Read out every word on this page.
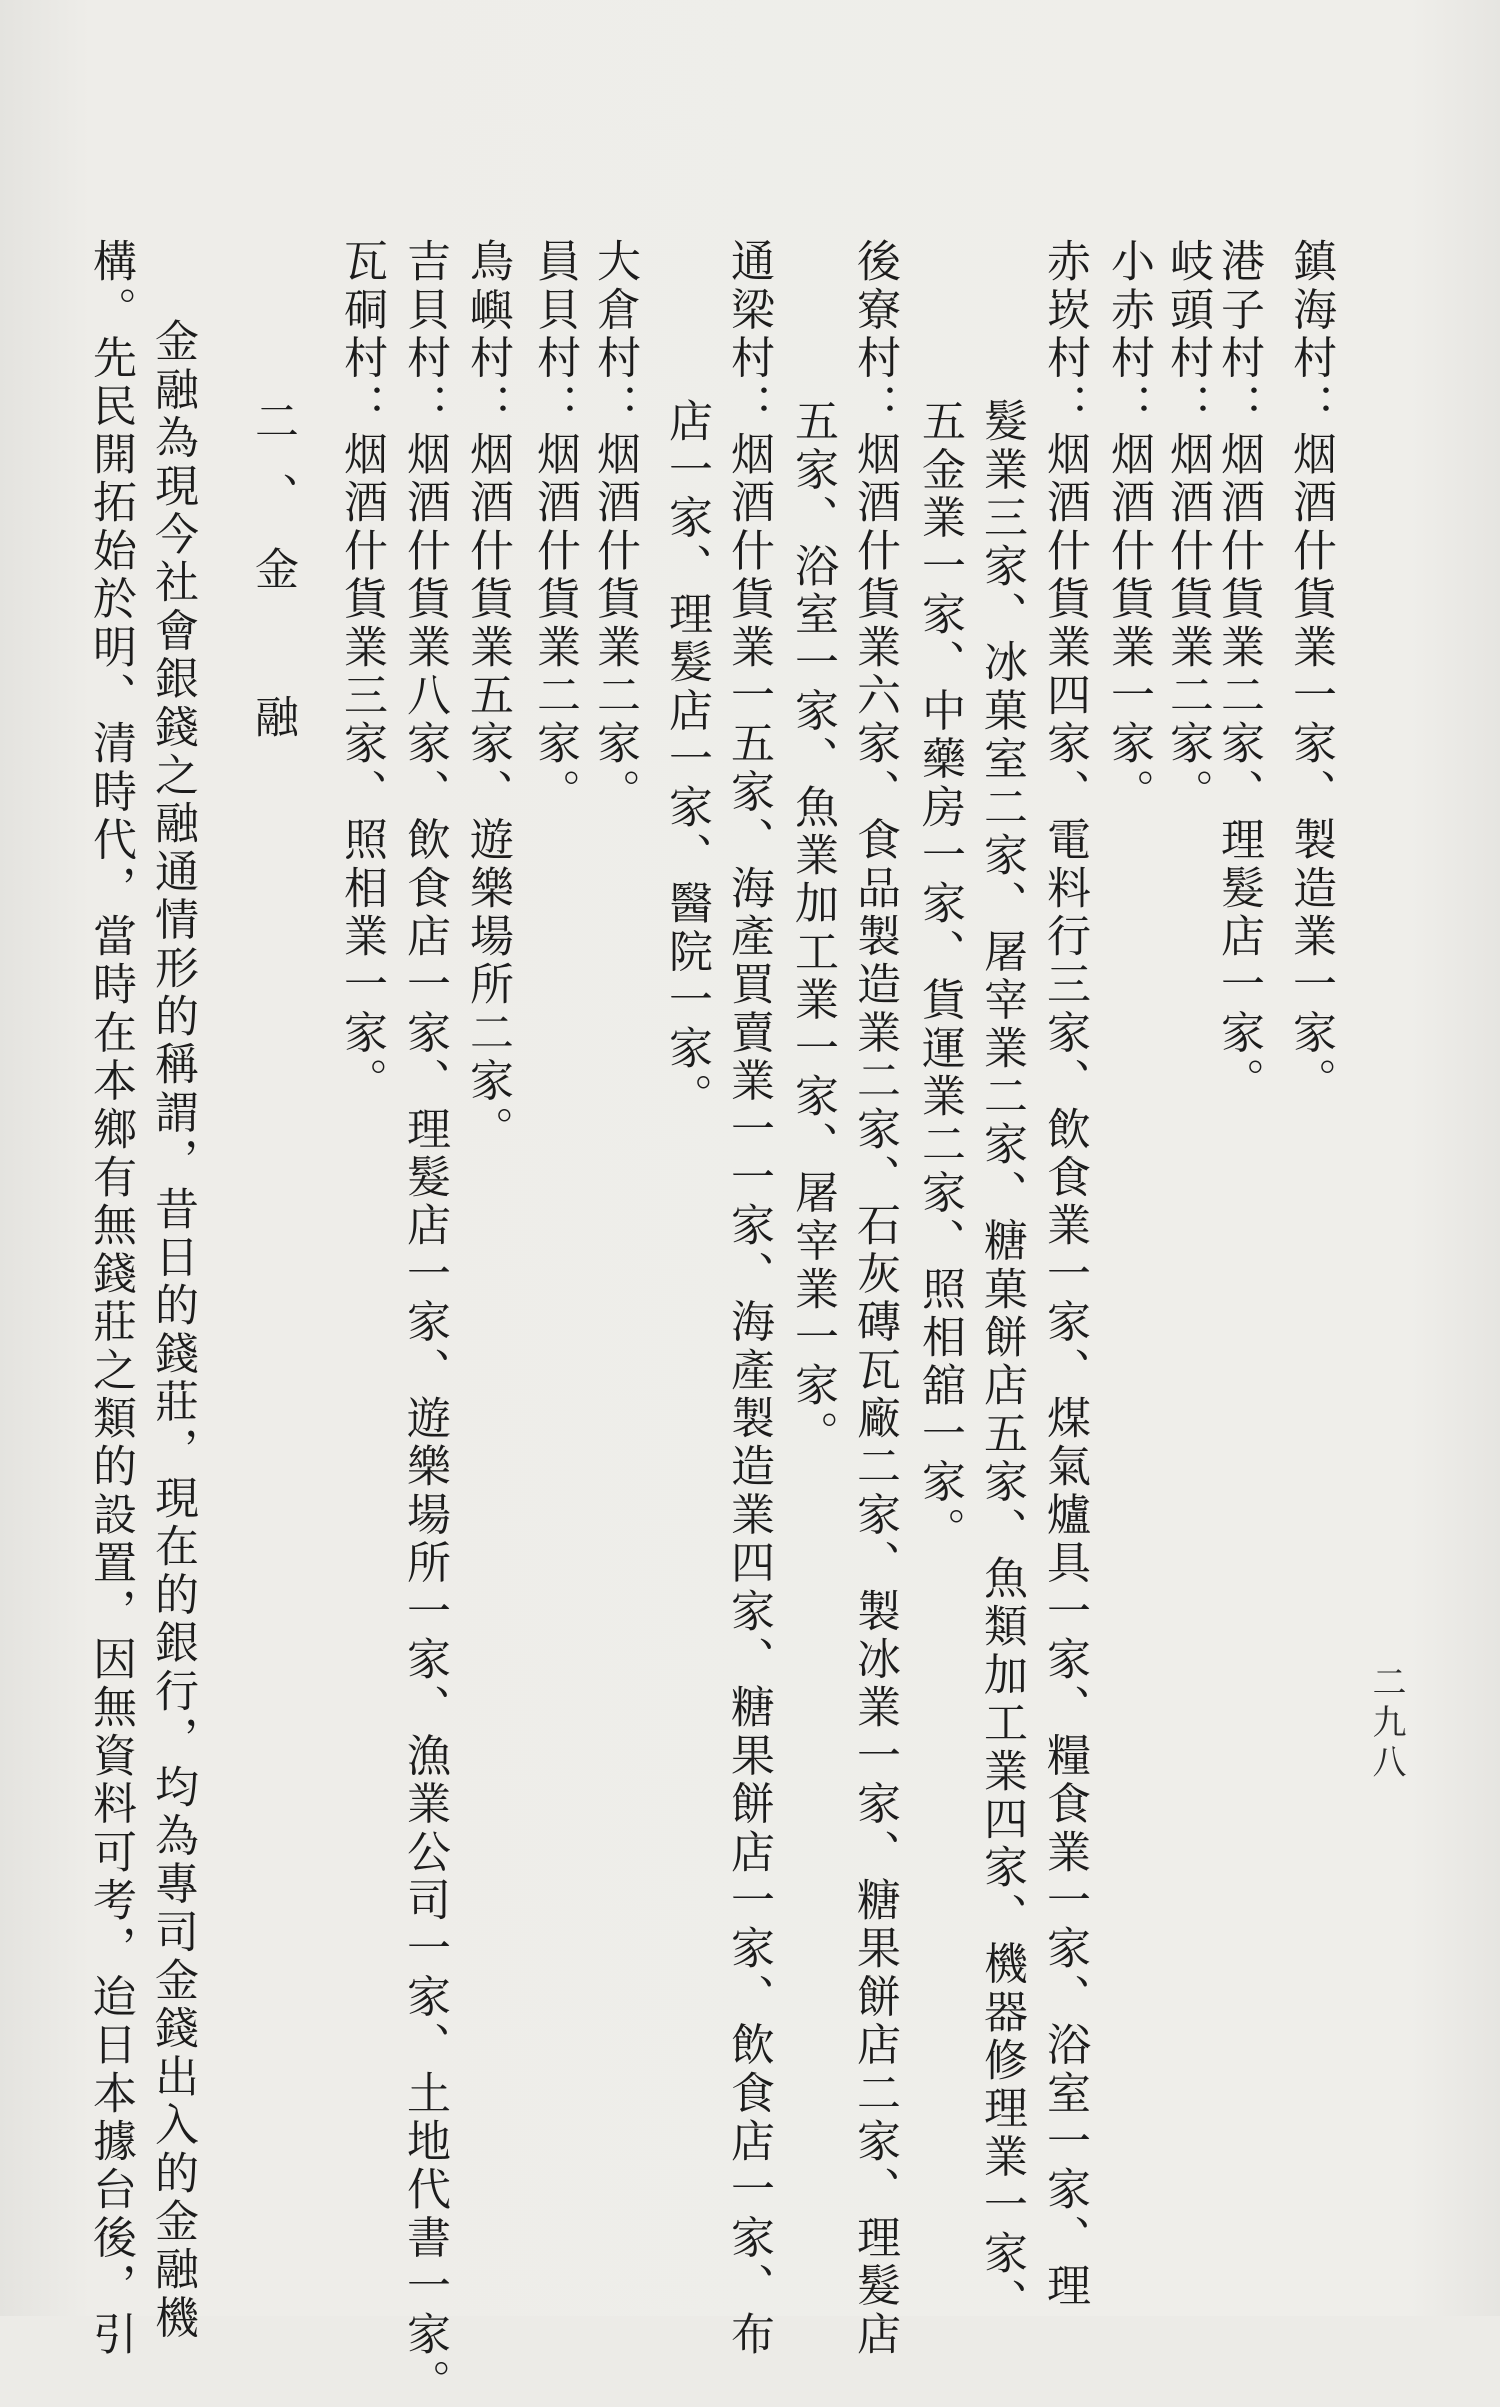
鎮海村：烟酒什貨業一家、製造業一家。
港子村：烟酒什貨業二家、理髮店一家。
岐頭村：烟酒什貨業二家。
小赤村：烟酒什貨業一家。
赤崁村：烟酒什貨業四家、電料行三家、飲食業一家、煤氣爐具一家、糧食業一家、浴室一家、理
髮業三家、冰菓室二家、屠宰業二家、糖菓餅店五家、魚類加工業四家、機器修理業一家、
五金業一家、中藥房一家、貨運業二家、照相舘一家。
後寮村：烟酒什貨業六家、食品製造業二家、石灰磚瓦廠二家、製冰業一家、糖果餅店二家、理髮店
五家、浴室一家、魚業加工業一家、屠宰業一家。
通梁村：烟酒什貨業一五家、海產買賣業一一家、海產製造業四家、糖果餅店一家、飲食店一家、布
店一家、理髮店一家、醫院一家。
大倉村：烟酒什貨業二家。
員貝村：烟酒什貨業二家。
鳥嶼村：烟酒什貨業五家、遊樂場所二家。
吉貝村：烟酒什貨業八家、飲食店一家、理髮店一家、遊樂場所一家、漁業公司一家、土地代書一家。
瓦硐村：烟酒什貨業三家、照相業一家。
二、金　融
金融為現今社會銀錢之融通情形的稱謂，昔日的錢莊，現在的銀行，均為專司金錢出入的金融機
構。先民開拓始於明、清時代，當時在本鄉有無錢莊之類的設置，因無資料可考，迨日本據台後，引	二九八
